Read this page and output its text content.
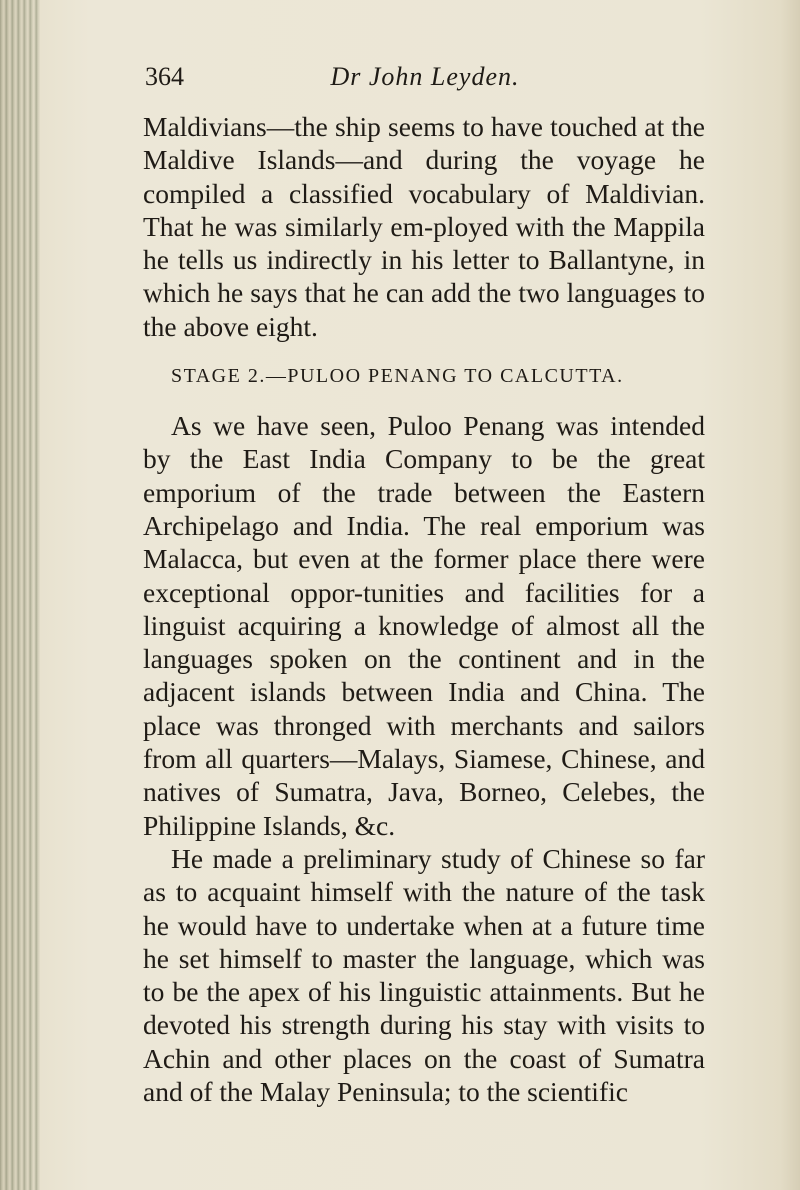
364	Dr John Leyden.

Maldivians—the ship seems to have touched at the Maldive Islands—and during the voyage he compiled a classified vocabulary of Maldivian. That he was similarly em-ployed with the Mappila he tells us indirectly in his letter to Ballantyne, in which he says that he can add the two languages to the above eight.

STAGE 2.—PULOO PENANG TO CALCUTTA.

As we have seen, Puloo Penang was intended by the East India Company to be the great emporium of the trade between the Eastern Archipelago and India. The real emporium was Malacca, but even at the former place there were exceptional oppor-tunities and facilities for a linguist acquiring a knowledge of almost all the languages spoken on the continent and in the adjacent islands between India and China. The place was thronged with merchants and sailors from all quarters—Malays, Siamese, Chinese, and natives of Sumatra, Java, Borneo, Celebes, the Philippine Islands, &c.

He made a preliminary study of Chinese so far as to acquaint himself with the nature of the task he would have to undertake when at a future time he set himself to master the language, which was to be the apex of his linguistic attainments. But he devoted his strength during his stay with visits to Achin and other places on the coast of Sumatra and of the Malay Peninsula; to the scientific
